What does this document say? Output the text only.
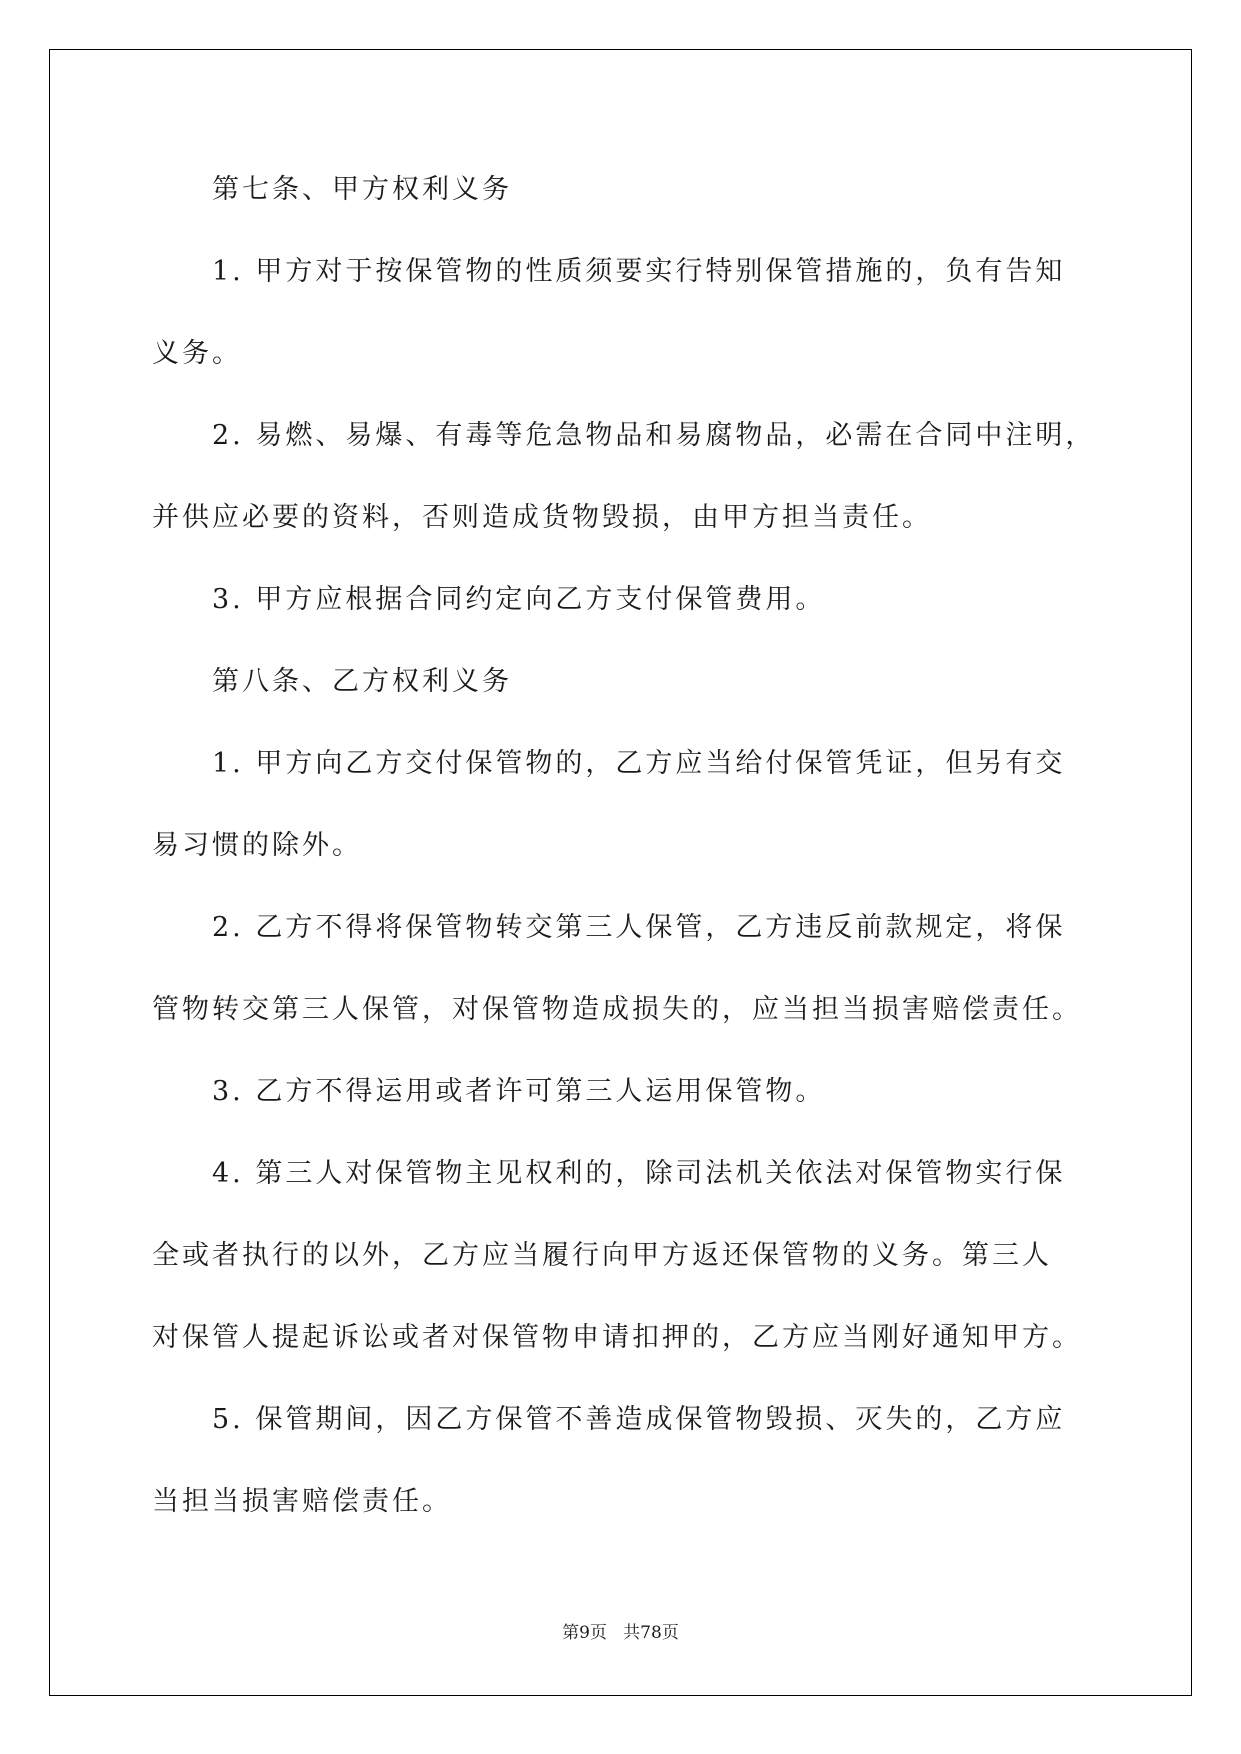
第七条、甲方权利义务
1. 甲方对于按保管物的性质须要实行特别保管措施的，负有告知
义务。
2. 易燃、易爆、有毒等危急物品和易腐物品，必需在合同中注明，
并供应必要的资料，否则造成货物毁损，由甲方担当责任。
3. 甲方应根据合同约定向乙方支付保管费用。
第八条、乙方权利义务
1. 甲方向乙方交付保管物的，乙方应当给付保管凭证，但另有交
易习惯的除外。
2. 乙方不得将保管物转交第三人保管，乙方违反前款规定，将保
管物转交第三人保管，对保管物造成损失的，应当担当损害赔偿责任。
3. 乙方不得运用或者许可第三人运用保管物。
4. 第三人对保管物主见权利的，除司法机关依法对保管物实行保
全或者执行的以外，乙方应当履行向甲方返还保管物的义务。第三人
对保管人提起诉讼或者对保管物申请扣押的，乙方应当刚好通知甲方。
5. 保管期间，因乙方保管不善造成保管物毁损、灭失的，乙方应
当担当损害赔偿责任。
第9页   共78页
